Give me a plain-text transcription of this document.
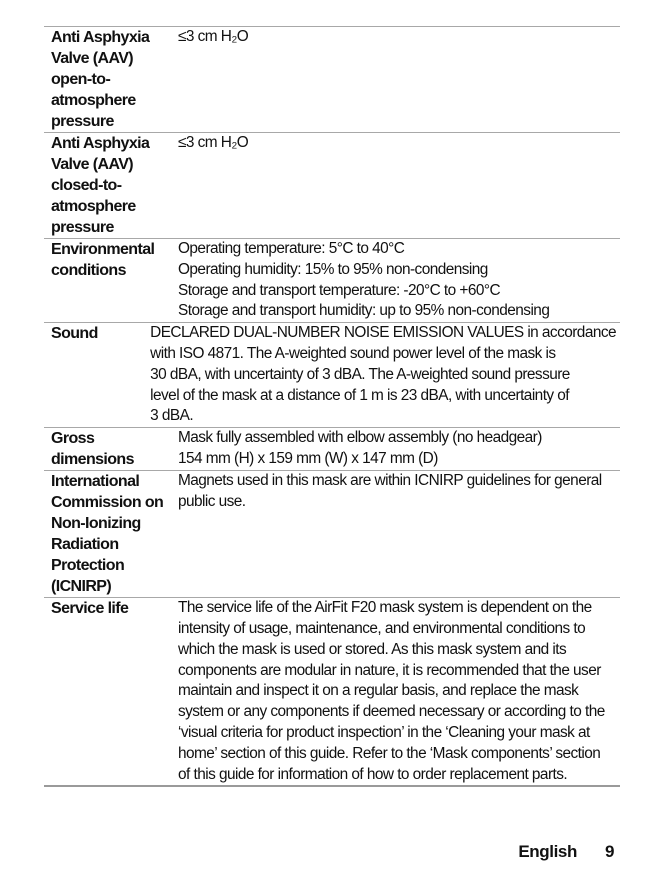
Anti Asphyxia
Valve (AAV)
open-to-
atmosphere
pressure
≤3 cm H₂O
Anti Asphyxia
Valve (AAV)
closed-to-
atmosphere
pressure
≤3 cm H₂O
Environmental
conditions
Operating temperature: 5°C to 40°C
Operating humidity: 15% to 95% non-condensing
Storage and transport temperature: -20°C to +60°C
Storage and transport humidity: up to 95% non-condensing
Sound	DECLARED DUAL-NUMBER NOISE EMISSION VALUES in accordance
with ISO 4871. The A-weighted sound power level of the mask is
30 dBA, with uncertainty of 3 dBA. The A-weighted sound pressure
level of the mask at a distance of 1 m is 23 dBA, with uncertainty of
3 dBA.
Gross
dimensions
Mask fully assembled with elbow assembly (no headgear)
154 mm (H) x 159 mm (W) x 147 mm (D)
International
Commission on
Non-Ionizing
Radiation
Protection
(ICNIRP)
Magnets used in this mask are within ICNIRP guidelines for general
public use.
Service life	The service life of the AirFit F20 mask system is dependent on the
intensity of usage, maintenance, and environmental conditions to
which the mask is used or stored. As this mask system and its
components are modular in nature, it is recommended that the user
maintain and inspect it on a regular basis, and replace the mask
system or any components if deemed necessary or according to the
‘visual criteria for product inspection’ in the ‘Cleaning your mask at
home’ section of this guide. Refer to the ‘Mask components’ section
of this guide for information of how to order replacement parts.
English 9
